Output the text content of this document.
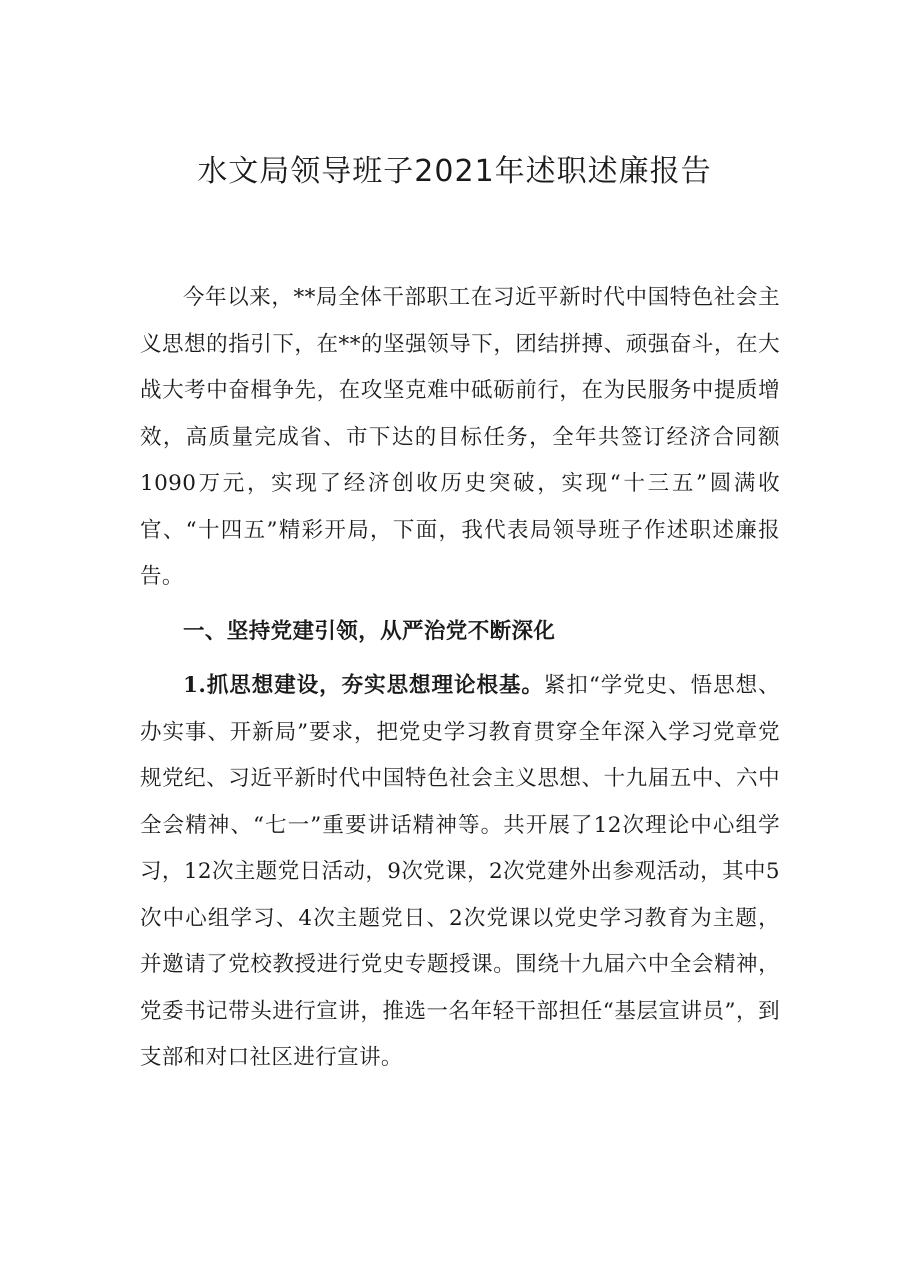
水文局领导班子2021年述职述廉报告

今年以来，**局全体干部职工在习近平新时代中国特色社会主义思想的指引下，在**的坚强领导下，团结拼搏、顽强奋斗，在大战大考中奋楫争先，在攻坚克难中砥砺前行，在为民服务中提质增效，高质量完成省、市下达的目标任务，全年共签订经济合同额1090万元，实现了经济创收历史突破，实现“十三五”圆满收官、“十四五”精彩开局，下面，我代表局领导班子作述职述廉报告。

一、坚持党建引领，从严治党不断深化

1.抓思想建设，夯实思想理论根基。紧扣“学党史、悟思想、办实事、开新局”要求，把党史学习教育贯穿全年深入学习党章党规党纪、习近平新时代中国特色社会主义思想、十九届五中、六中全会精神、“七一”重要讲话精神等。共开展了12次理论中心组学习，12次主题党日活动，9次党课，2次党建外出参观活动，其中5次中心组学习、4次主题党日、2次党课以党史学习教育为主题，并邀请了党校教授进行党史专题授课。围绕十九届六中全会精神，党委书记带头进行宣讲，推选一名年轻干部担任“基层宣讲员”，到支部和对口社区进行宣讲。
